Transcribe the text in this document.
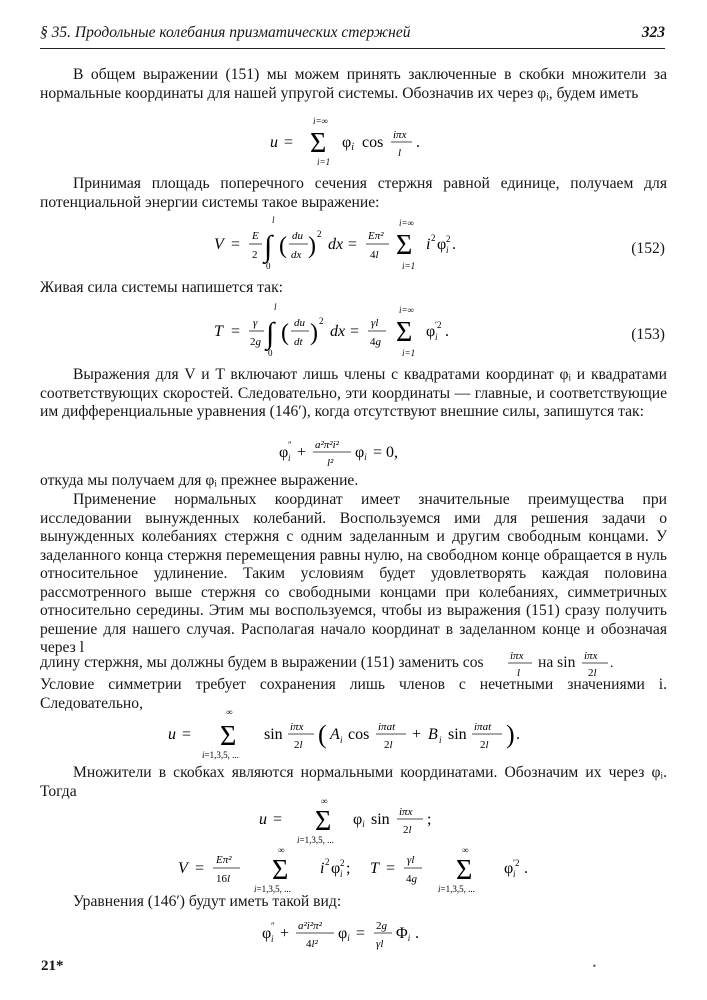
§ 35. Продольные колебания призматических стержней	323

В общем выражении (151) мы можем принять заключенные в скобки множители за нормальные координаты для нашей упругой системы. Обозначив их через φᵢ, будем иметь

u =
i=∞
Σ
i=1
φi cos iπx
l
.

Принимая площадь поперечного сечения стержня равной единице, получаем для потенциальной энергии системы такое выражение:

V = E
2 ∫
l
0
( du
dx ) 2
dx = Eπ²
4l
i=∞
Σ
i=1
i 2 φ i
2 .	(152)

Живая сила системы напишется так:

T = γ
2g ∫
l
0
( du
dt ) 2
dx = γl
4g
i=∞
Σ
i=1
φ i
′2 .	(153)

Выражения для V и T включают лишь члены с квадратами координат φᵢ и квадратами соответствующих скоростей. Следовательно, эти координаты — главные, и соответствующие им дифференциальные уравнения (146′), когда отсутствуют внешние силы, запишутся так:

φ i
″ + a²π²i²
l²
φi = 0,

откуда мы получаем для φᵢ прежнее выражение.

Применение нормальных координат имеет значительные преимущества при исследовании вынужденных колебаний. Воспользуемся ими для решения задачи о вынужденных колебаниях стержня с одним заделанным и другим свободным концами. У заделанного конца стержня перемещения равны нулю, на свободном конце обращается в нуль относительное удлинение. Таким условиям будет удовлетворять каждая половина рассмотренного выше стержня со свободными концами при колебаниях, симметричных относительно середины. Этим мы воспользуемся, чтобы из выражения (151) сразу получить решение для нашего случая. Располагая начало координат в заделанном конце и обозначая через l

длину стержня, мы должны будем в выражении (151) заменить cos iπx
l
на sin iπx
2l
.

Условие симметрии требует сохранения лишь членов с нечетными значениями i. Следовательно,

u =
∞
Σ
i=1,3,5, ...
sin iπx
2l ( A i cos iπat
2l
+ B i sin iπat
2l ) .

Множители в скобках являются нормальными координатами. Обозначим их через φᵢ. Тогда

u =
∞
Σ
i=1,3,5, ...
φi sin iπx
2l
;
V = Eπ²
16l
∞
Σ
i=1,3,5, ...
i 2 φ i
2 ; T = γl
4g
∞
Σ
i=1,3,5, ...
φ i
′2 .

Уравнения (146′) будут иметь такой вид:

φ i
″ + a²i²π²
4l²
φi = 2g
γl
Φi .
21*	•
